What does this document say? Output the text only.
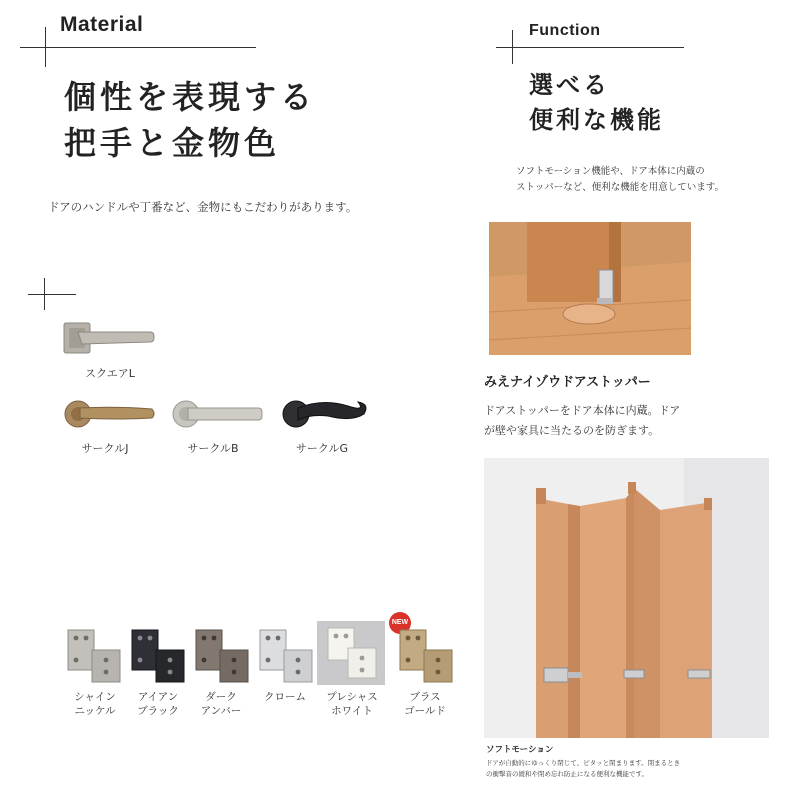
Material
個性を表現する
把手と金物色
ドアのハンドルや丁番など、金物にもこだわりがあります。
スクエアL
サークルJ	サークルB	サークルG
NEW
シャイン
ニッケル
アイアン
ブラック
ダーク
アンバー
クローム	プレシャス
ホワイト
ブラス
ゴールド
Function
選べる
便利な機能
ソフトモーション機能や、ドア本体に内蔵の
ストッパーなど、便利な機能を用意しています。
みえナイゾウドアストッパー
ドアストッパーをドア本体に内蔵。ドア
が壁や家具に当たるのを防ぎます。
ソフトモーション
ドアが自動的にゆっくり閉じて、ピタッと閉まります。閉まるとき
の衝撃音の緩和や閉め忘れ防止になる便利な機能です。
